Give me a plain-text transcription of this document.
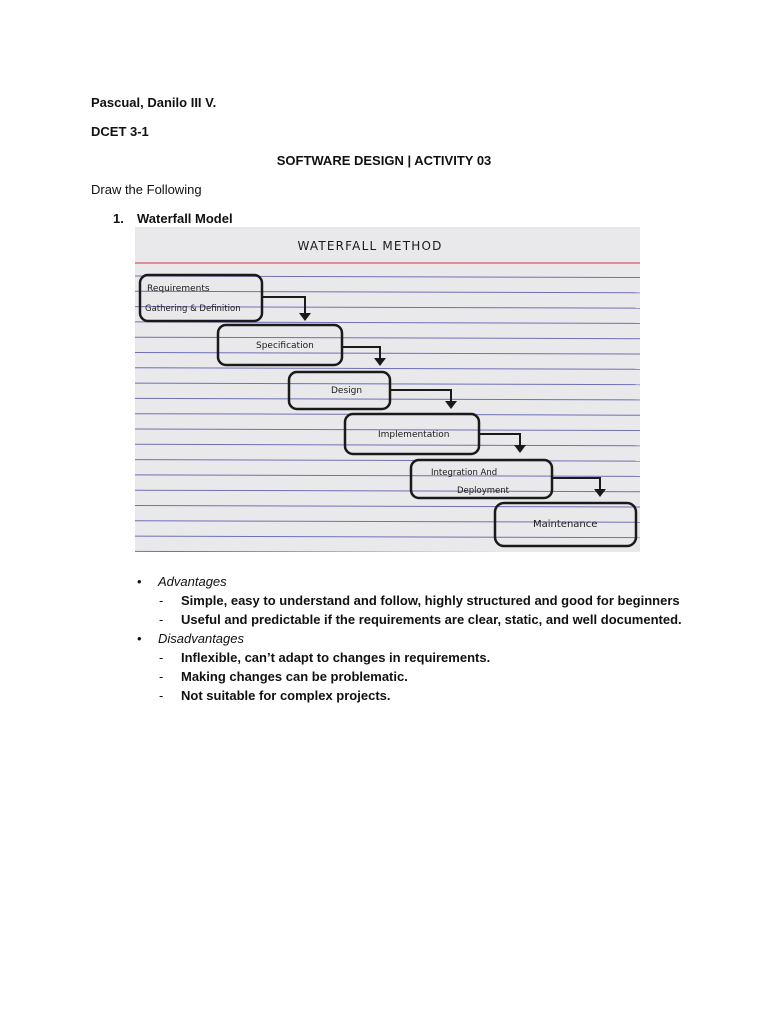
Pascual, Danilo III V.
DCET 3-1
SOFTWARE DESIGN | ACTIVITY 03
Draw the Following
1. Waterfall Model
WATERFALL METHOD
Requirements
Gathering & Definition
Specification
Design
Implementation
Integration And
Deployment
Maintenance
• Advantages
- Simple, easy to understand and follow, highly structured and good for beginners
- Useful and predictable if the requirements are clear, static, and well documented.
• Disadvantages
- Inflexible, can’t adapt to changes in requirements.
- Making changes can be problematic.
- Not suitable for complex projects.
